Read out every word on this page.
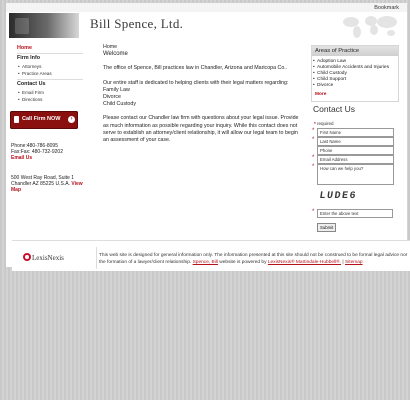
Bookmark
Bill Spence, Ltd.
Home
Firm Info
• Attorneys
• Practice Areas
Contact Us
• Email Firm
• Directions
Call Firm NOW	›
Phone:480-786-8095
Fax:Fax: 480-732-9202
Email Us
500 West Ray Road, Suite 1
Chandler AZ 85225 U.S.A. View
Map

Home

Welcome

The office of Spence, Bill practices law in Chandler, Arizona and Maricopa Co..

Our entire staff is dedicated to helping clients with their legal matters regarding:

Family Law

Divorce

Child Custody

Please contact our Chandler law firm with questions about your legal issue. Provide as much information as possible regarding your inquiry. While this contact does not serve to establish an attorney/client relationship, it will allow our legal team to begin an assessment of your case.

Areas of Practice
• Adoption Law
• Automobile Accidents and Injuries
• Child Custody
• Child Support
• Divorce
More
Contact Us
* required
*	First Name
*	Last Name
Phone
*	Email Address
*	How can we help you?
LUDE6
*	Enter the above text
Submit
LexisNexis	This web site is designed for general information only. The information presented at this site should not be construed to be formal legal advice nor the formation of a lawyer/client relationship. Spence, Bill website is powered by LexisNexis® Martindale-Hubbell®. | Sitemap
